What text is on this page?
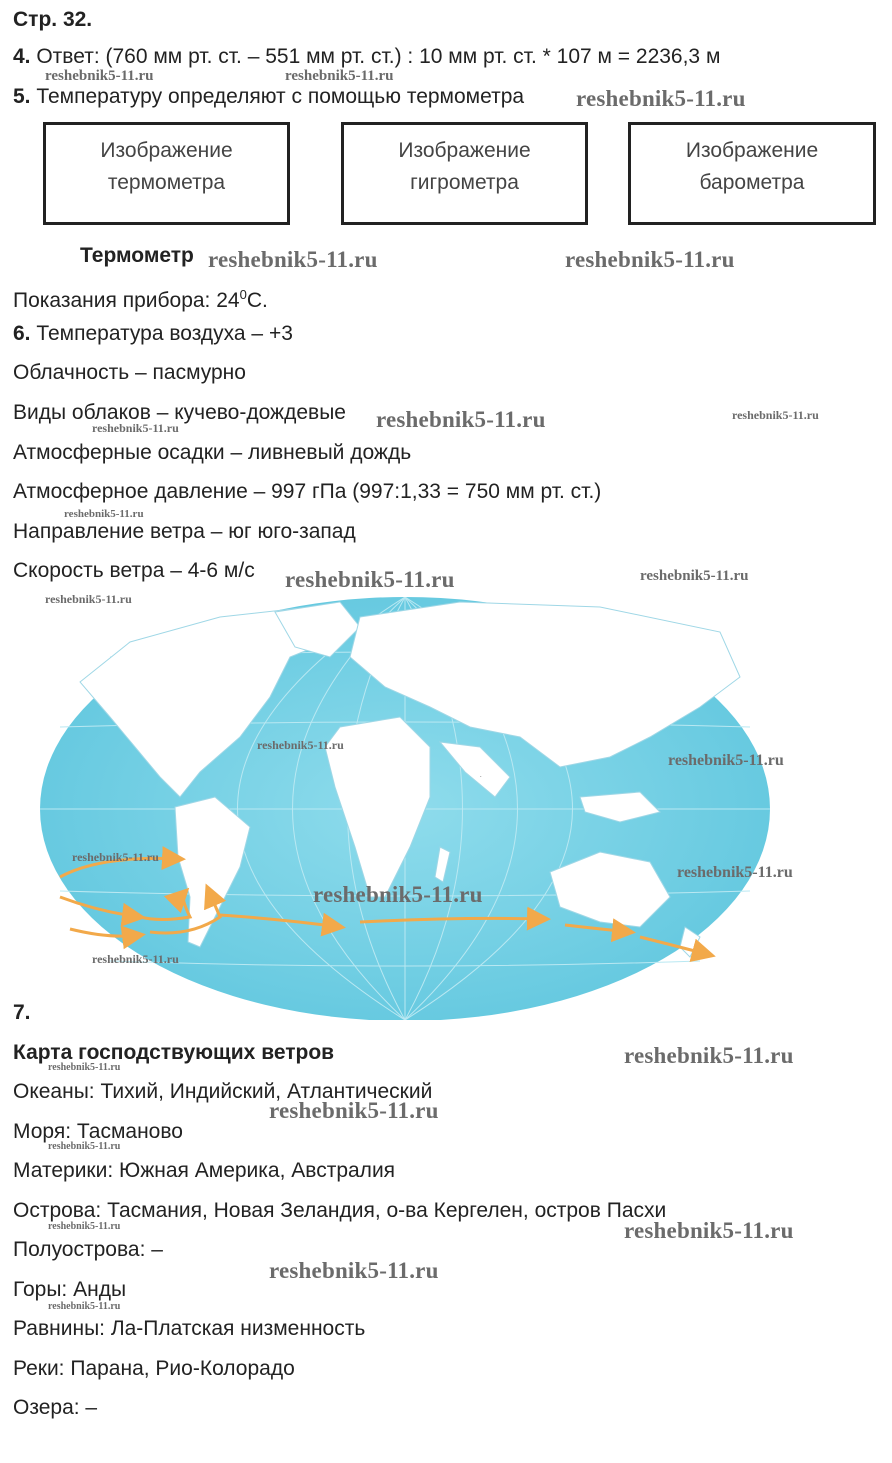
Стр. 32.
4. Ответ: (760 мм рт. ст. – 551 мм рт. ст.) : 10 мм рт. ст. * 107 м = 2236,3 м
5. Температуру определяют с помощью термометра
Изображение
термометра
Изображение
гигрометра
Изображение
барометра
Термометр
Показания прибора: $24^0С$.
6. Температура воздуха – +3
Облачность – пасмурно
Виды облаков – кучево-дождевые
Атмосферные осадки – ливневый дождь
Атмосферное давление – 997 гПа (997:1,33 = 750 мм рт. ст.)
Направление ветра – юг юго-запад
Скорость ветра – 4-6 м/с
.
7.
Карта господствующих ветров
Океаны: Тихий, Индийский, Атлантический
Моря: Тасманово
Материки: Южная Америка, Австралия
Острова: Тасмания, Новая Зеландия, о-ва Кергелен, остров Пасхи
Полуострова: –
Горы: Анды
Равнины: Ла-Платская низменность
Реки: Парана, Рио-Колорадо
Озера: –
reshebnik5-11.ru
reshebnik5-11.ru	reshebnik5-11.ru
reshebnik5-11.ru
reshebnik5-11.ru
reshebnik5-11.ru
reshebnik5-11.ru
reshebnik5-11.ru
reshebnik5-11.ru
reshebnik5-11.ru
reshebnik5-11.ru	reshebnik5-11.ru
reshebnik5-11.ru
reshebnik5-11.ru
reshebnik5-11.ru
reshebnik5-11.ru
reshebnik5-11.ru
reshebnik5-11.ru
reshebnik5-11.ru
reshebnik5-11.ru
reshebnik5-11.ru
reshebnik5-11.ru
reshebnik5-11.ru
reshebnik5-11.ru
reshebnik5-11.ru
reshebnik5-11.ru
